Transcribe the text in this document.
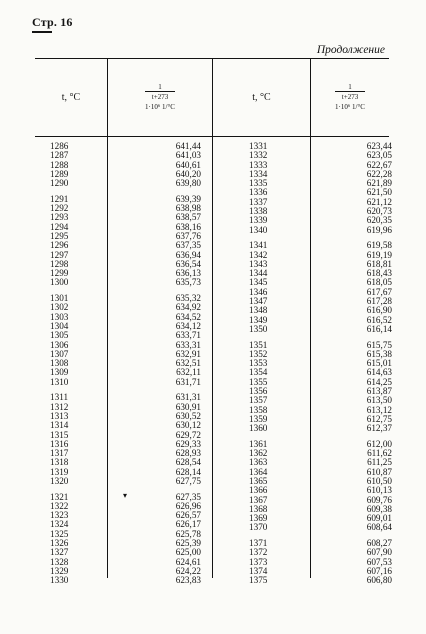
Стр. 16
Продолжение
t, °C
1
t+273
1·10⁶ 1/°C
t, °C
1
t+273
1·10⁶ 1/°C
1286
1287
1288
1289
1290
1291
1292
1293
1294
1295
1296
1297
1298
1299
1300
1301
1302
1303
1304
1305
1306
1307
1308
1309
1310
1311
1312
1313
1314
1315
1316
1317
1318
1319
1320
1321
1322
1323
1324
1325
1326
1327
1328
1329
1330
641,44
641,03
640,61
640,20
639,80
639,39
638,98
638,57
638,16
637,76
637,35
636,94
636,54
636,13
635,73
635,32
634,92
634,52
634,12
633,71
633,31
632,91
632,51
632,11
631,71
631,31
630,91
630,52
630,12
629,72
629,33
628,93
628,54
628,14
627,75
627,35
626,96
626,57
626,17
625,78
625,39
625,00
624,61
624,22
623,83
1331
1332
1333
1334
1335
1336
1337
1338
1339
1340
1341
1342
1343
1344
1345
1346
1347
1348
1349
1350
1351
1352
1353
1354
1355
1356
1357
1358
1359
1360
1361
1362
1363
1364
1365
1366
1367
1368
1369
1370
1371
1372
1373
1374
1375
623,44
623,05
622,67
622,28
621,89
621,50
621,12
620,73
620,35
619,96
619,58
619,19
618,81
618,43
618,05
617,67
617,28
616,90
616,52
616,14
615,75
615,38
615,01
614,63
614,25
613,87
613,50
613,12
612,75
612,37
612,00
611,62
611,25
610,87
610,50
610,13
609,76
609,38
609,01
608,64
608,27
607,90
607,53
607,16
606,80
▾
